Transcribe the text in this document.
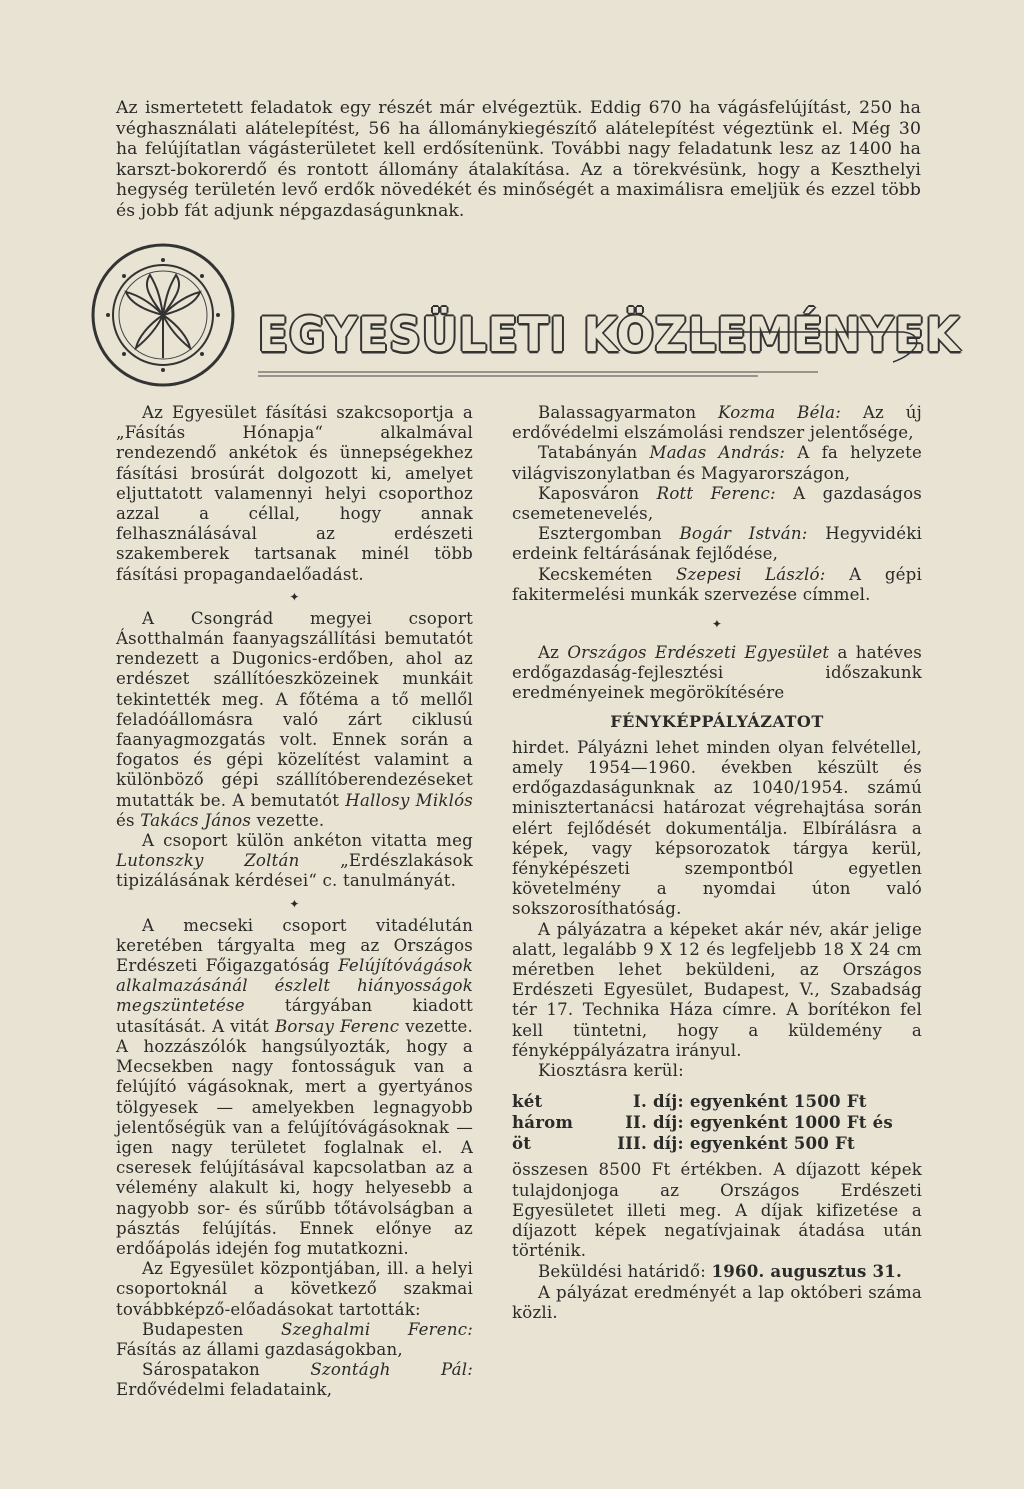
Az ismertetett feladatok egy részét már elvégeztük. Eddig 670 ha vágásfelújítást, 250 ha véghasználati alátelepítést, 56 ha állománykiegészítő alátelepítést végeztünk el. Még 30 ha felújítatlan vágásterületet kell erdősítenünk. További nagy feladatunk lesz az 1400 ha karszt-bokorerdő és rontott állomány átalakítása. Az a törekvésünk, hogy a Keszthelyi hegység területén levő erdők növedékét és minőségét a maximálisra emeljük és ezzel több és jobb fát adjunk népgazdaságunknak.

EGYESÜLETI KÖZLEMÉNYEK

Az Egyesület fásítási szakcsoportja a „Fásítás Hónapja“ alkalmával rendezendő ankétok és ünnepségekhez fásítási brosúrát dolgozott ki, amelyet eljuttatott valamennyi helyi csoporthoz azzal a céllal, hogy annak felhasználásával az erdészeti szakemberek tartsanak minél több fásítási propagandaelőadást.

✦

A Csongrád megyei csoport Ásotthalmán faanyagszállítási bemutatót rendezett a Dugonics-erdőben, ahol az erdészet szállítóeszközeinek munkáit tekintették meg. A főtéma a tő mellől feladóállomásra való zárt ciklusú faanyagmozgatás volt. Ennek során a fogatos és gépi közelítést valamint a különböző gépi szállítóberendezéseket mutatták be. A bemutatót Hallosy Miklós és Takács János vezette.

A csoport külön ankéton vitatta meg Lutonszky Zoltán „Erdészlakások tipizálásának kérdései“ c. tanulmányát.

✦

A mecseki csoport vitadélután keretében tárgyalta meg az Országos Erdészeti Főigazgatóság Felújítóvágások alkalmazásánál észlelt hiányosságok megszüntetése tárgyában kiadott utasítását. A vitát Borsay Ferenc vezette. A hozzászólók hangsúlyozták, hogy a Mecsekben nagy fontosságuk van a felújító vágásoknak, mert a gyertyános tölgyesek — amelyekben legnagyobb jelentőségük van a felújítóvágásoknak — igen nagy területet foglalnak el. A cseresek felújításával kapcsolatban az a vélemény alakult ki, hogy helyesebb a nagyobb sor- és sűrűbb tőtávolságban a pásztás felújítás. Ennek előnye az erdőápolás idején fog mutatkozni.

Az Egyesület központjában, ill. a helyi csoportoknál a következő szakmai továbbképző-előadásokat tartották:

Budapesten Szeghalmi Ferenc: Fásítás az állami gazdaságokban,

Sárospatakon	Szontágh Pál: Erdővédelmi feladataink,

Balassagyarmaton Kozma Béla: Az új erdővédelmi elszámolási rendszer jelentősége,

Tatabányán Madas András: A fa helyzete világviszonylatban és Magyarországon,

Kaposváron Rott Ferenc: A gazdaságos csemetenevelés,

Esztergomban Bogár István: Hegyvidéki erdeink feltárásának fejlődése,

Kecskeméten Szepesi László: A gépi fakitermelési munkák szervezése címmel.

✦

Az Országos Erdészeti Egyesület a hatéves erdőgazdaság-fejlesztési időszakunk eredményeinek megörökítésére

FÉNYKÉPPÁLYÁZATOT

hirdet. Pályázni lehet minden olyan felvétellel, amely 1954—1960. években készült és erdőgazdaságunknak az 1040/1954. számú minisztertanácsi határozat végrehajtása során elért fejlődését dokumentálja. Elbírálásra a képek, vagy képsorozatok tárgya kerül, fényképészeti szempontból egyetlen követelmény a nyomdai úton való sokszorosíthatóság.

A pályázatra a képeket akár név, akár jelige alatt, legalább 9 X 12 és legfeljebb 18 X 24 cm méretben lehet beküldeni, az Országos Erdészeti Egyesület, Budapest, V., Szabadság tér 17. Technika Háza címre. A borítékon fel kell tüntetni, hogy a küldemény a fényképpályázatra irányul.

Kiosztásra kerül:

két	I.	díj: egyenként 1500 Ft
három	II.	díj: egyenként 1000 Ft és
öt	III.	díj: egyenként 500 Ft

összesen 8500 Ft értékben. A díjazott képek tulajdonjoga az Országos Erdészeti Egyesületet illeti meg. A díjak kifizetése a díjazott képek negatívjainak átadása után történik.

Beküldési határidő: 1960. augusztus 31.

A pályázat eredményét a lap októberi száma közli.
